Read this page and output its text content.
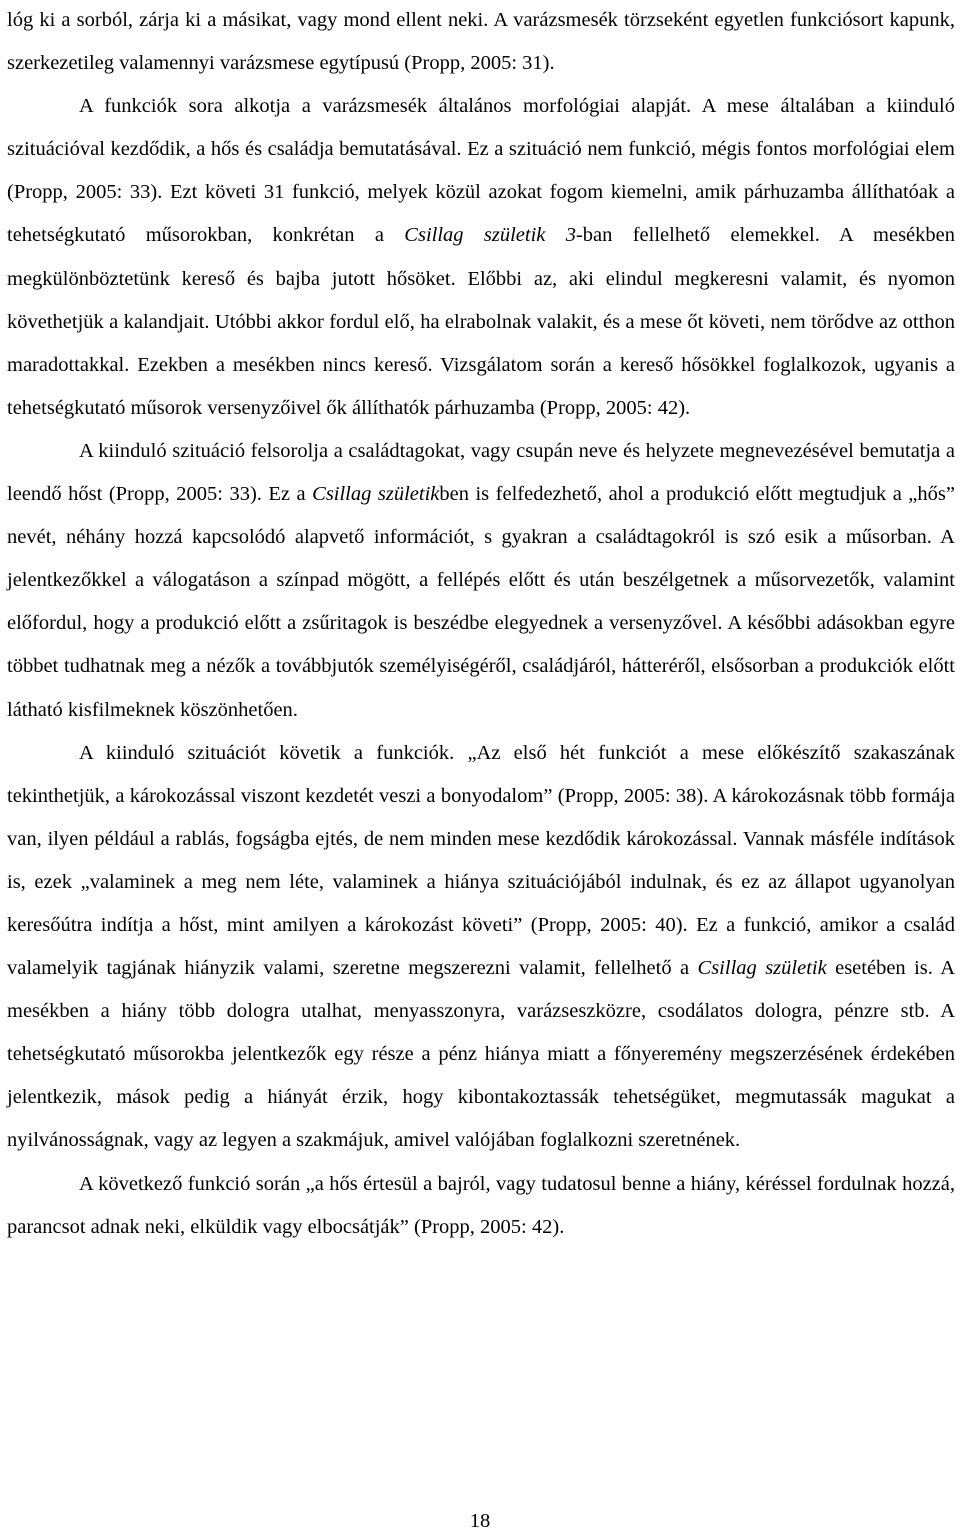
lóg ki a sorból, zárja ki a másikat, vagy mond ellent neki. A varázsmesék törzseként egyetlen funkciósort kapunk, szerkezetileg valamennyi varázsmese egytípusú (Propp, 2005: 31).

A funkciók sora alkotja a varázsmesék általános morfológiai alapját. A mese általában a kiinduló szituációval kezdődik, a hős és családja bemutatásával. Ez a szituáció nem funkció, mégis fontos morfológiai elem (Propp, 2005: 33). Ezt követi 31 funkció, melyek közül azokat fogom kiemelni, amik párhuzamba állíthatóak a tehetségkutató műsorokban, konkrétan a Csillag születik 3-ban fellelhető elemekkel. A mesékben megkülönböztetünk kereső és bajba jutott hősöket. Előbbi az, aki elindul megkeresni valamit, és nyomon követhetjük a kalandjait. Utóbbi akkor fordul elő, ha elrabolnak valakit, és a mese őt követi, nem törődve az otthon maradottakkal. Ezekben a mesékben nincs kereső. Vizsgálatom során a kereső hősökkel foglalkozok, ugyanis a tehetségkutató műsorok versenyzőivel ők állíthatók párhuzamba (Propp, 2005: 42).

A kiinduló szituáció felsorolja a családtagokat, vagy csupán neve és helyzete megnevezésével bemutatja a leendő hőst (Propp, 2005: 33). Ez a Csillag születikben is felfedezhető, ahol a produkció előtt megtudjuk a „hős” nevét, néhány hozzá kapcsolódó alapvető információt, s gyakran a családtagokról is szó esik a műsorban. A jelentkezőkkel a válogatáson a színpad mögött, a fellépés előtt és után beszélgetnek a műsorvezetők, valamint előfordul, hogy a produkció előtt a zsűritagok is beszédbe elegyednek a versenyzővel. A későbbi adásokban egyre többet tudhatnak meg a nézők a továbbjutók személyiségéről, családjáról, hátteréről, elsősorban a produkciók előtt látható kisfilmeknek köszönhetően.

A kiinduló szituációt követik a funkciók. „Az első hét funkciót a mese előkészítő szakaszának tekinthetjük, a károkozással viszont kezdetét veszi a bonyodalom” (Propp, 2005: 38). A károkozásnak több formája van, ilyen például a rablás, fogságba ejtés, de nem minden mese kezdődik károkozással. Vannak másféle indítások is, ezek „valaminek a meg nem léte, valaminek a hiánya szituációjából indulnak, és ez az állapot ugyanolyan keresőútra indítja a hőst, mint amilyen a károkozást követi” (Propp, 2005: 40). Ez a funkció, amikor a család valamelyik tagjának hiányzik valami, szeretne megszerezni valamit, fellelhető a Csillag születik esetében is. A mesékben a hiány több dologra utalhat, menyasszonyra, varázseszközre, csodálatos dologra, pénzre stb. A tehetségkutató műsorokba jelentkezők egy része a pénz hiánya miatt a főnyeremény megszerzésének érdekében jelentkezik, mások pedig a hiányát érzik, hogy kibontakoztassák tehetségüket, megmutassák magukat a nyilvánosságnak, vagy az legyen a szakmájuk, amivel valójában foglalkozni szeretnének.

A következő funkció során „a hős értesül a bajról, vagy tudatosul benne a hiány, kéréssel fordulnak hozzá, parancsot adnak neki, elküldik vagy elbocsátják” (Propp, 2005: 42).

18
